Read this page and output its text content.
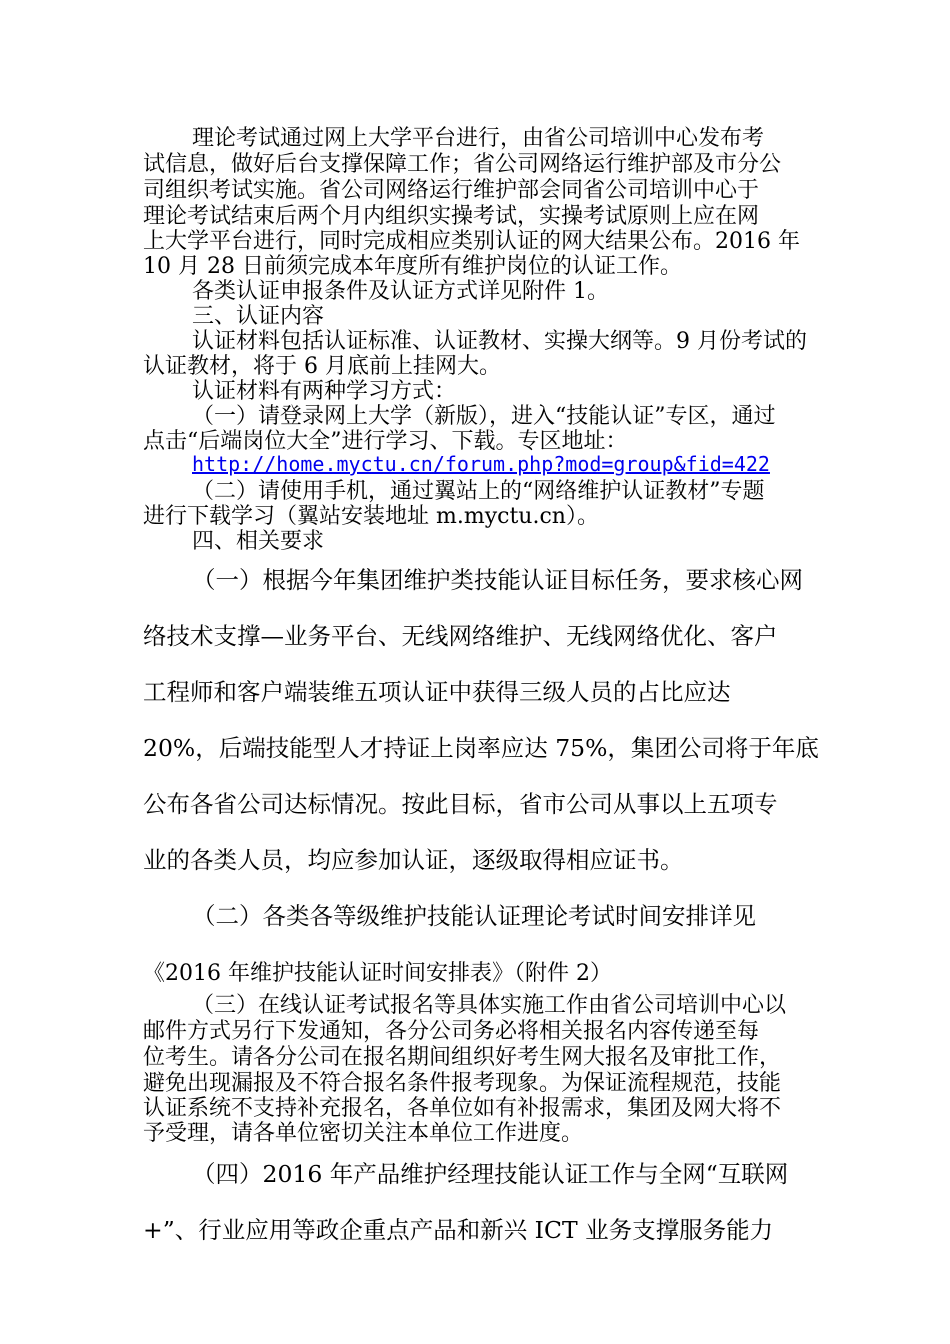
理论考试通过网上大学平台进行，由省公司培训中心发布考
试信息，做好后台支撑保障工作；省公司网络运行维护部及市分公
司组织考试实施。省公司网络运行维护部会同省公司培训中心于
理论考试结束后两个月内组织实操考试，实操考试原则上应在网
上大学平台进行，同时完成相应类别认证的网大结果公布。2016 年
10 月 28 日前须完成本年度所有维护岗位的认证工作。
各类认证申报条件及认证方式详见附件 1。
三、认证内容
认证材料包括认证标准、认证教材、实操大纲等。9 月份考试的
认证教材，将于 6 月底前上挂网大。
认证材料有两种学习方式：
（一）请登录网上大学（新版），进入“技能认证”专区，通过
点击“后端岗位大全”进行学习、下载。专区地址：
http://home.myctu.cn/forum.php?mod=group&fid=422
（二）请使用手机，通过翼站上的“网络维护认证教材”专题
进行下载学习（翼站安装地址 m.myctu.cn）。
四、相关要求
（一）根据今年集团维护类技能认证目标任务，要求核心网
络技术支撑—业务平台、无线网络维护、无线网络优化、客户
工程师和客户端装维五项认证中获得三级人员的占比应达
20%，后端技能型人才持证上岗率应达 75%，集团公司将于年底
公布各省公司达标情况。按此目标，省市公司从事以上五项专
业的各类人员，均应参加认证，逐级取得相应证书。
（二）各类各等级维护技能认证理论考试时间安排详见
《2016 年维护技能认证时间安排表》（附件 2）
（三）在线认证考试报名等具体实施工作由省公司培训中心以
邮件方式另行下发通知，各分公司务必将相关报名内容传递至每
位考生。请各分公司在报名期间组织好考生网大报名及审批工作，
避免出现漏报及不符合报名条件报考现象。为保证流程规范，技能
认证系统不支持补充报名，各单位如有补报需求，集团及网大将不
予受理，请各单位密切关注本单位工作进度。
（四）2016 年产品维护经理技能认证工作与全网“互联网
+”、行业应用等政企重点产品和新兴 ICT 业务支撑服务能力
